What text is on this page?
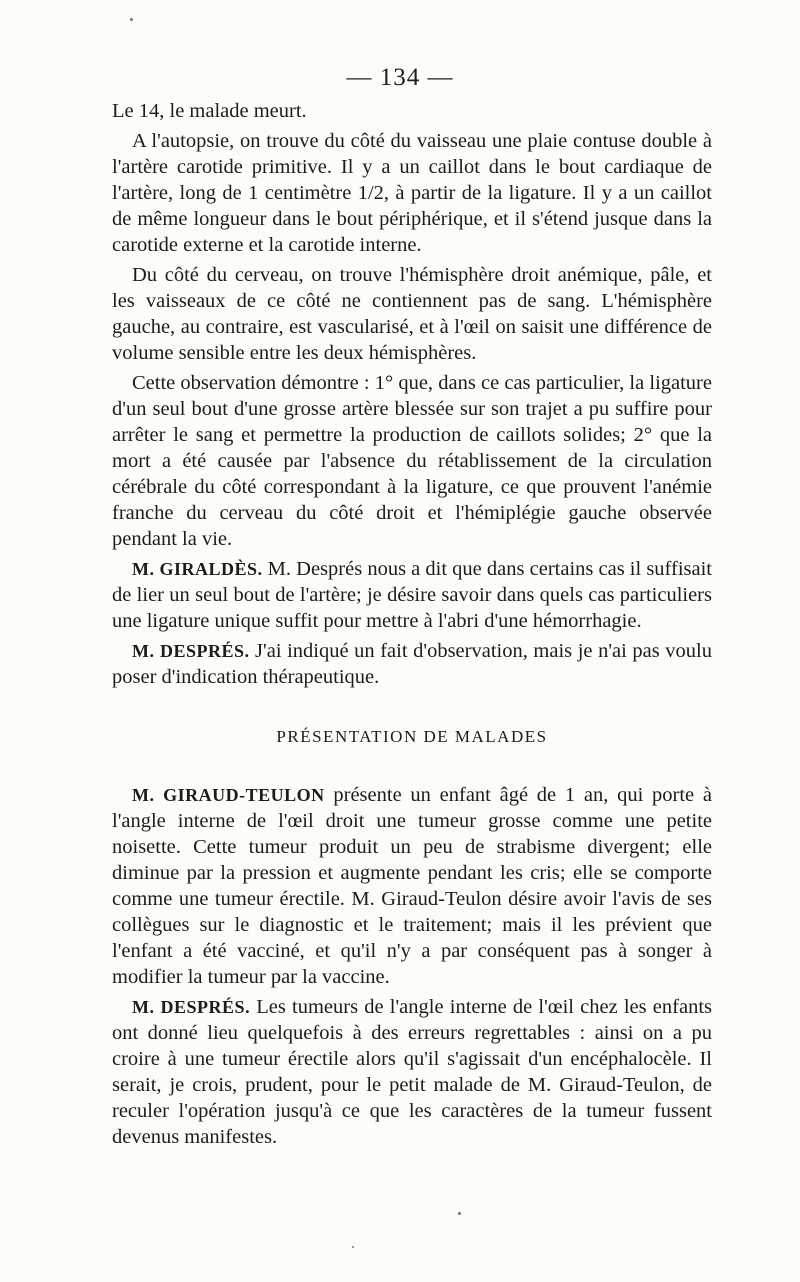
— 134 —

Le 14, le malade meurt.

A l'autopsie, on trouve du côté du vaisseau une plaie contuse double à l'artère carotide primitive. Il y a un caillot dans le bout cardiaque de l'artère, long de 1 centimètre 1/2, à partir de la ligature. Il y a un caillot de même longueur dans le bout périphérique, et il s'étend jusque dans la carotide externe et la carotide interne.

Du côté du cerveau, on trouve l'hémisphère droit anémique, pâle, et les vaisseaux de ce côté ne contiennent pas de sang. L'hémisphère gauche, au contraire, est vascularisé, et à l'œil on saisit une différence de volume sensible entre les deux hémisphères.

Cette observation démontre : 1° que, dans ce cas particulier, la ligature d'un seul bout d'une grosse artère blessée sur son trajet a pu suffire pour arrêter le sang et permettre la production de caillots solides; 2° que la mort a été causée par l'absence du rétablissement de la circulation cérébrale du côté correspondant à la ligature, ce que prouvent l'anémie franche du cerveau du côté droit et l'hémiplégie gauche observée pendant la vie.

M. GIRALDÈS. M. Després nous a dit que dans certains cas il suffisait de lier un seul bout de l'artère; je désire savoir dans quels cas particuliers une ligature unique suffit pour mettre à l'abri d'une hémorrhagie.

M. DESPRÉS. J'ai indiqué un fait d'observation, mais je n'ai pas voulu poser d'indication thérapeutique.

PRÉSENTATION DE MALADES

M. GIRAUD-TEULON présente un enfant âgé de 1 an, qui porte à l'angle interne de l'œil droit une tumeur grosse comme une petite noisette. Cette tumeur produit un peu de strabisme divergent; elle diminue par la pression et augmente pendant les cris; elle se comporte comme une tumeur érectile. M. Giraud-Teulon désire avoir l'avis de ses collègues sur le diagnostic et le traitement; mais il les prévient que l'enfant a été vacciné, et qu'il n'y a par conséquent pas à songer à modifier la tumeur par la vaccine.

M. DESPRÉS. Les tumeurs de l'angle interne de l'œil chez les enfants ont donné lieu quelquefois à des erreurs regrettables : ainsi on a pu croire à une tumeur érectile alors qu'il s'agissait d'un encéphalocèle. Il serait, je crois, prudent, pour le petit malade de M. Giraud-Teulon, de reculer l'opération jusqu'à ce que les caractères de la tumeur fussent devenus manifestes.
